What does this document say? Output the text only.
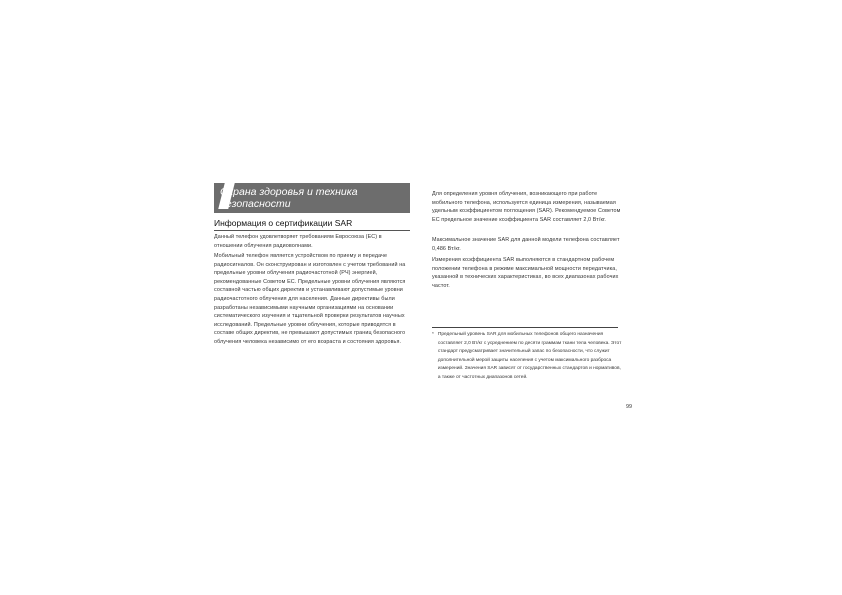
Охрана здоровья и техника безопасности
Информация о сертификации SAR

Данный телефон удовлетворяет требованиям Евросоюза (ЕС) в отношении облучения радиоволнами.

Мобильный телефон является устройством по приему и передаче радиосигналов. Он сконструирован и изготовлен с учетом требований на предельные уровни облучения радиочастотной (РЧ) энергией, рекомендованные Советом ЕС. Предельные уровни облучения являются составной частью общих директив и устанавливают допустимые уровни радиочастотного облучения для населения. Данные директивы были разработаны независимыми научными организациями на основании систематического изучения и тщательной проверки результатов научных исследований. Предельные уровни облучения, которые приводятся в составе общих директив, не превышают допустимых границ безопасного облучения человека независимо от его возраста и состояния здоровья.

Для определения уровня облучения, возникающего при работе мобильного телефона, используется единица измерения, называемая удельным коэффициентом поглощения (SAR). Рекомендуемое Советом ЕС предельное значение коэффициента SAR составляет 2,0 Вт/кг.

Максимальное значение SAR для данной модели телефона составляет 0,486 Вт/кг.

Измерения коэффициента SAR выполняются в стандартном рабочем положении телефона в режиме максимальной мощности передатчика, указанной в технических характеристиках, во всех диапазонах рабочих частот.

* Предельный уровень SAR для мобильных телефонов общего назначения составляет 2,0 Вт/кг с усреднением по десяти граммам ткани тела человека. Этот стандарт предусматривает значительный запас по безопасности, что служит дополнительной мерой защиты населения с учетом максимального разброса измерений. Значения SAR зависят от государственных стандартов и нормативов, а также от частотных диапазонов сетей.

99
